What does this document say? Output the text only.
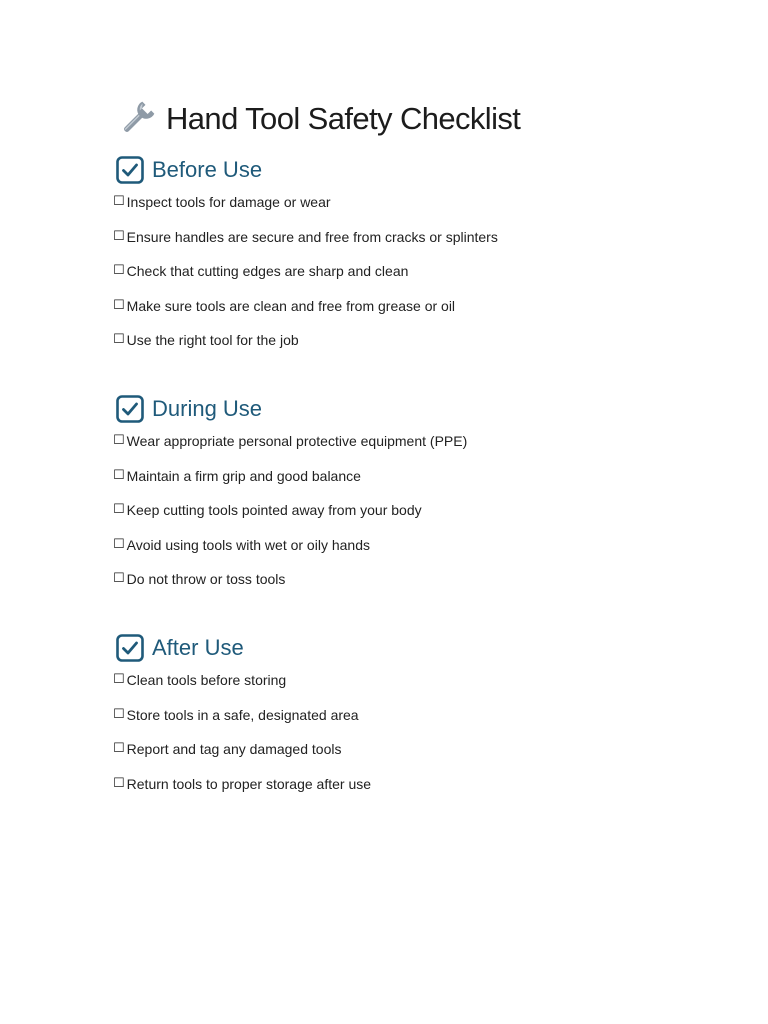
Hand Tool Safety Checklist
Before Use
☐ Inspect tools for damage or wear
☐ Ensure handles are secure and free from cracks or splinters
☐ Check that cutting edges are sharp and clean
☐ Make sure tools are clean and free from grease or oil
☐ Use the right tool for the job
During Use
☐ Wear appropriate personal protective equipment (PPE)
☐ Maintain a firm grip and good balance
☐ Keep cutting tools pointed away from your body
☐ Avoid using tools with wet or oily hands
☐ Do not throw or toss tools
After Use
☐ Clean tools before storing
☐ Store tools in a safe, designated area
☐ Report and tag any damaged tools
☐ Return tools to proper storage after use
